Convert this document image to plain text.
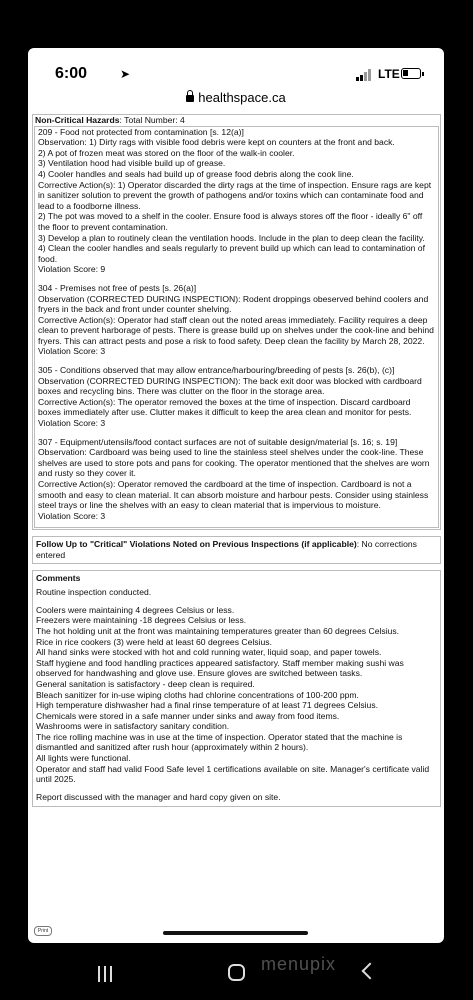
6:00	➤	LTE
healthspace.ca
Non-Critical Hazards: Total Number: 4

209 - Food not protected from contamination [s. 12(a)]

Observation: 1) Dirty rags with visible food debris were kept on counters at the front and back.

2) A pot of frozen meat was stored on the floor of the walk-in cooler.

3) Ventilation hood had visible build up of grease.

4) Cooler handles and seals had build up of grease food debris along the cook line.

Corrective Action(s): 1) Operator discarded the dirty rags at the time of inspection. Ensure rags are kept in sanitizer solution to prevent the growth of pathogens and/or toxins which can contaminate food and lead to a foodborne illness.

2) The pot was moved to a shelf in the cooler. Ensure food is always stores off the floor - ideally 6" off the floor to prevent contamination.

3) Develop a plan to routinely clean the ventilation hoods. Include in the plan to deep clean the facility.

4) Clean the cooler handles and seals regularly to prevent build up which can lead to contamination of food.

Violation Score: 9

304 - Premises not free of pests [s. 26(a)]

Observation (CORRECTED DURING INSPECTION): Rodent droppings obeserved behind coolers and fryers in the back and front under counter shelving.

Corrective Action(s): Operator had staff clean out the noted areas immediately. Facility requires a deep clean to prevent harborage of pests. There is grease build up on shelves under the cook-line and behind fryers. This can attract pests and pose a risk to food safety. Deep clean the facility by March 28, 2022.

Violation Score: 3

305 - Conditions observed that may allow entrance/harbouring/breeding of pests [s. 26(b), (c)]

Observation (CORRECTED DURING INSPECTION): The back exit door was blocked with cardboard boxes and recycling bins. There was clutter on the floor in the storage area.

Corrective Action(s): The operator removed the boxes at the time of inspection. Discard cardboard boxes immediately after use. Clutter makes it difficult to keep the area clean and monitor for pests.

Violation Score: 3

307 - Equipment/utensils/food contact surfaces are not of suitable design/material [s. 16; s. 19]

Observation: Cardboard was being used to line the stainless steel shelves under the cook-line. These shelves are used to store pots and pans for cooking. The operator mentioned that the shelves are worn and rusty so they cover it.

Corrective Action(s): Operator removed the cardboard at the time of inspection. Cardboard is not a smooth and easy to clean material. It can absorb moisture and harbour pests. Consider using stainless steel trays or line the shelves with an easy to clean material that is impervious to moisture.

Violation Score: 3

Follow Up to "Critical" Violations Noted on Previous Inspections (if applicable): No corrections entered
Comments

Routine inspection conducted.

Coolers were maintaining 4 degrees Celsius or less.

Freezers were maintaining -18 degrees Celsius or less.

The hot holding unit at the front was maintaining temperatures greater than 60 degrees Celsius.

Rice in rice cookers (3) were held at least 60 degrees Celsius.

All hand sinks were stocked with hot and cold running water, liquid soap, and paper towels.

Staff hygiene and food handling practices appeared satisfactory. Staff member making sushi was observed for handwashing and glove use. Ensure gloves are switched between tasks.

General sanitation is satisfactory - deep clean is required.

Bleach sanitizer for in-use wiping cloths had chlorine concentrations of 100-200 ppm.

High temperature dishwasher had a final rinse temperature of at least 71 degrees Celsius.

Chemicals were stored in a safe manner under sinks and away from food items.

Washrooms were in satisfactory sanitary condition.

The rice rolling machine was in use at the time of inspection. Operator stated that the machine is dismantled and sanitized after rush hour (approximately within 2 hours).

All lights were functional.

Operator and staff had valid Food Safe level 1 certifications available on site. Manager's certificate valid until 2025.

Report discussed with the manager and hard copy given on site.

Print
menupix
